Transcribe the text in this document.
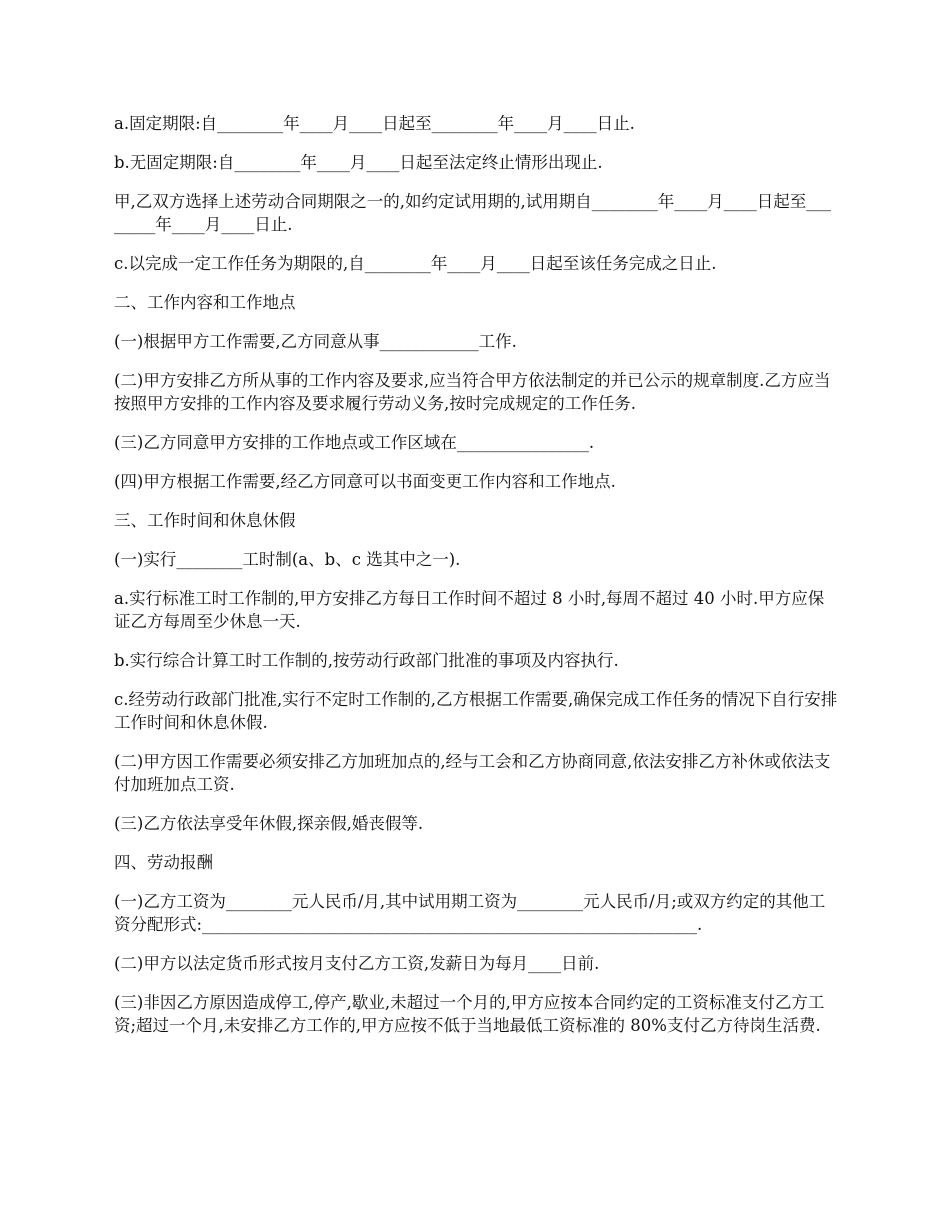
a.固定期限:自________年____月____日起至________年____月____日止.

b.无固定期限:自________年____月____日起至法定终止情形出现止.

甲,乙双方选择上述劳动合同期限之一的,如约定试用期的,试用期自________年____月____日起至________年____月____日止.

c.以完成一定工作任务为期限的,自________年____月____日起至该任务完成之日止.

二、工作内容和工作地点

(一)根据甲方工作需要,乙方同意从事____________工作.

(二)甲方安排乙方所从事的工作内容及要求,应当符合甲方依法制定的并已公示的规章制度.乙方应当按照甲方安排的工作内容及要求履行劳动义务,按时完成规定的工作任务.

(三)乙方同意甲方安排的工作地点或工作区域在________________.

(四)甲方根据工作需要,经乙方同意可以书面变更工作内容和工作地点.

三、工作时间和休息休假

(一)实行________工时制(a、b、c 选其中之一).

a.实行标准工时工作制的,甲方安排乙方每日工作时间不超过 8 小时,每周不超过 40 小时.甲方应保证乙方每周至少休息一天.

b.实行综合计算工时工作制的,按劳动行政部门批准的事项及内容执行.

c.经劳动行政部门批准,实行不定时工作制的,乙方根据工作需要,确保完成工作任务的情况下自行安排工作时间和休息休假.

(二)甲方因工作需要必须安排乙方加班加点的,经与工会和乙方协商同意,依法安排乙方补休或依法支付加班加点工资.

(三)乙方依法享受年休假,探亲假,婚丧假等.

四、劳动报酬

(一)乙方工资为________元人民币/月,其中试用期工资为________元人民币/月;或双方约定的其他工资分配形式:____________________________________________________________.

(二)甲方以法定货币形式按月支付乙方工资,发薪日为每月____日前.

(三)非因乙方原因造成停工,停产,歇业,未超过一个月的,甲方应按本合同约定的工资标准支付乙方工资;超过一个月,未安排乙方工作的,甲方应按不低于当地最低工资标准的 80%支付乙方待岗生活费.
